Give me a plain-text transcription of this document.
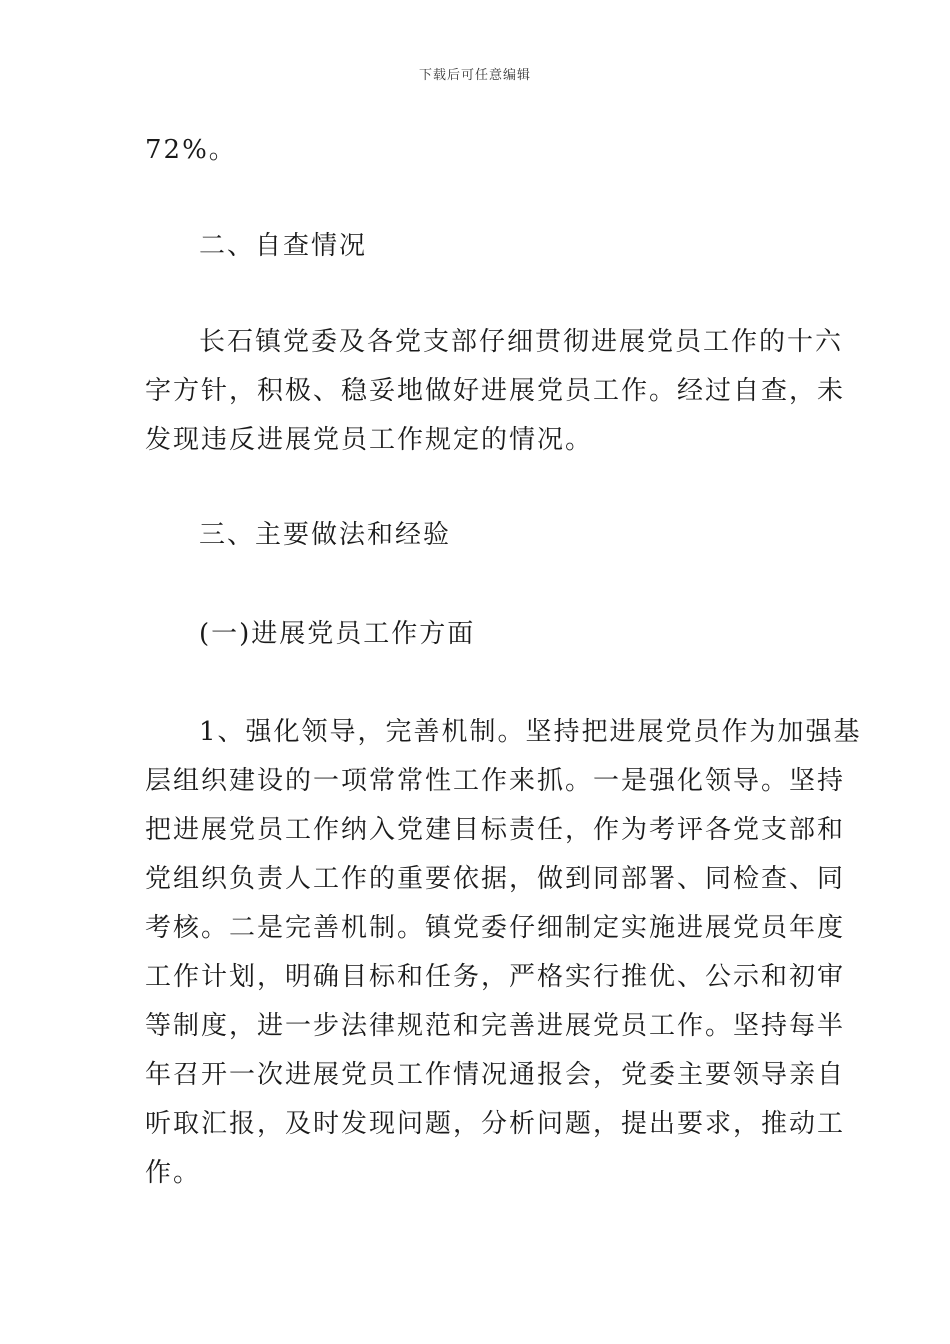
下载后可任意编辑

72%。

二、自查情况

长石镇党委及各党支部仔细贯彻进展党员工作的十六
字方针，积极、稳妥地做好进展党员工作。经过自查，未
发现违反进展党员工作规定的情况。

三、主要做法和经验

(一)进展党员工作方面

1、强化领导，完善机制。坚持把进展党员作为加强基
层组织建设的一项常常性工作来抓。一是强化领导。坚持
把进展党员工作纳入党建目标责任，作为考评各党支部和
党组织负责人工作的重要依据，做到同部署、同检查、同
考核。二是完善机制。镇党委仔细制定实施进展党员年度
工作计划，明确目标和任务，严格实行推优、公示和初审
等制度，进一步法律规范和完善进展党员工作。坚持每半
年召开一次进展党员工作情况通报会，党委主要领导亲自
听取汇报，及时发现问题，分析问题，提出要求，推动工
作。
